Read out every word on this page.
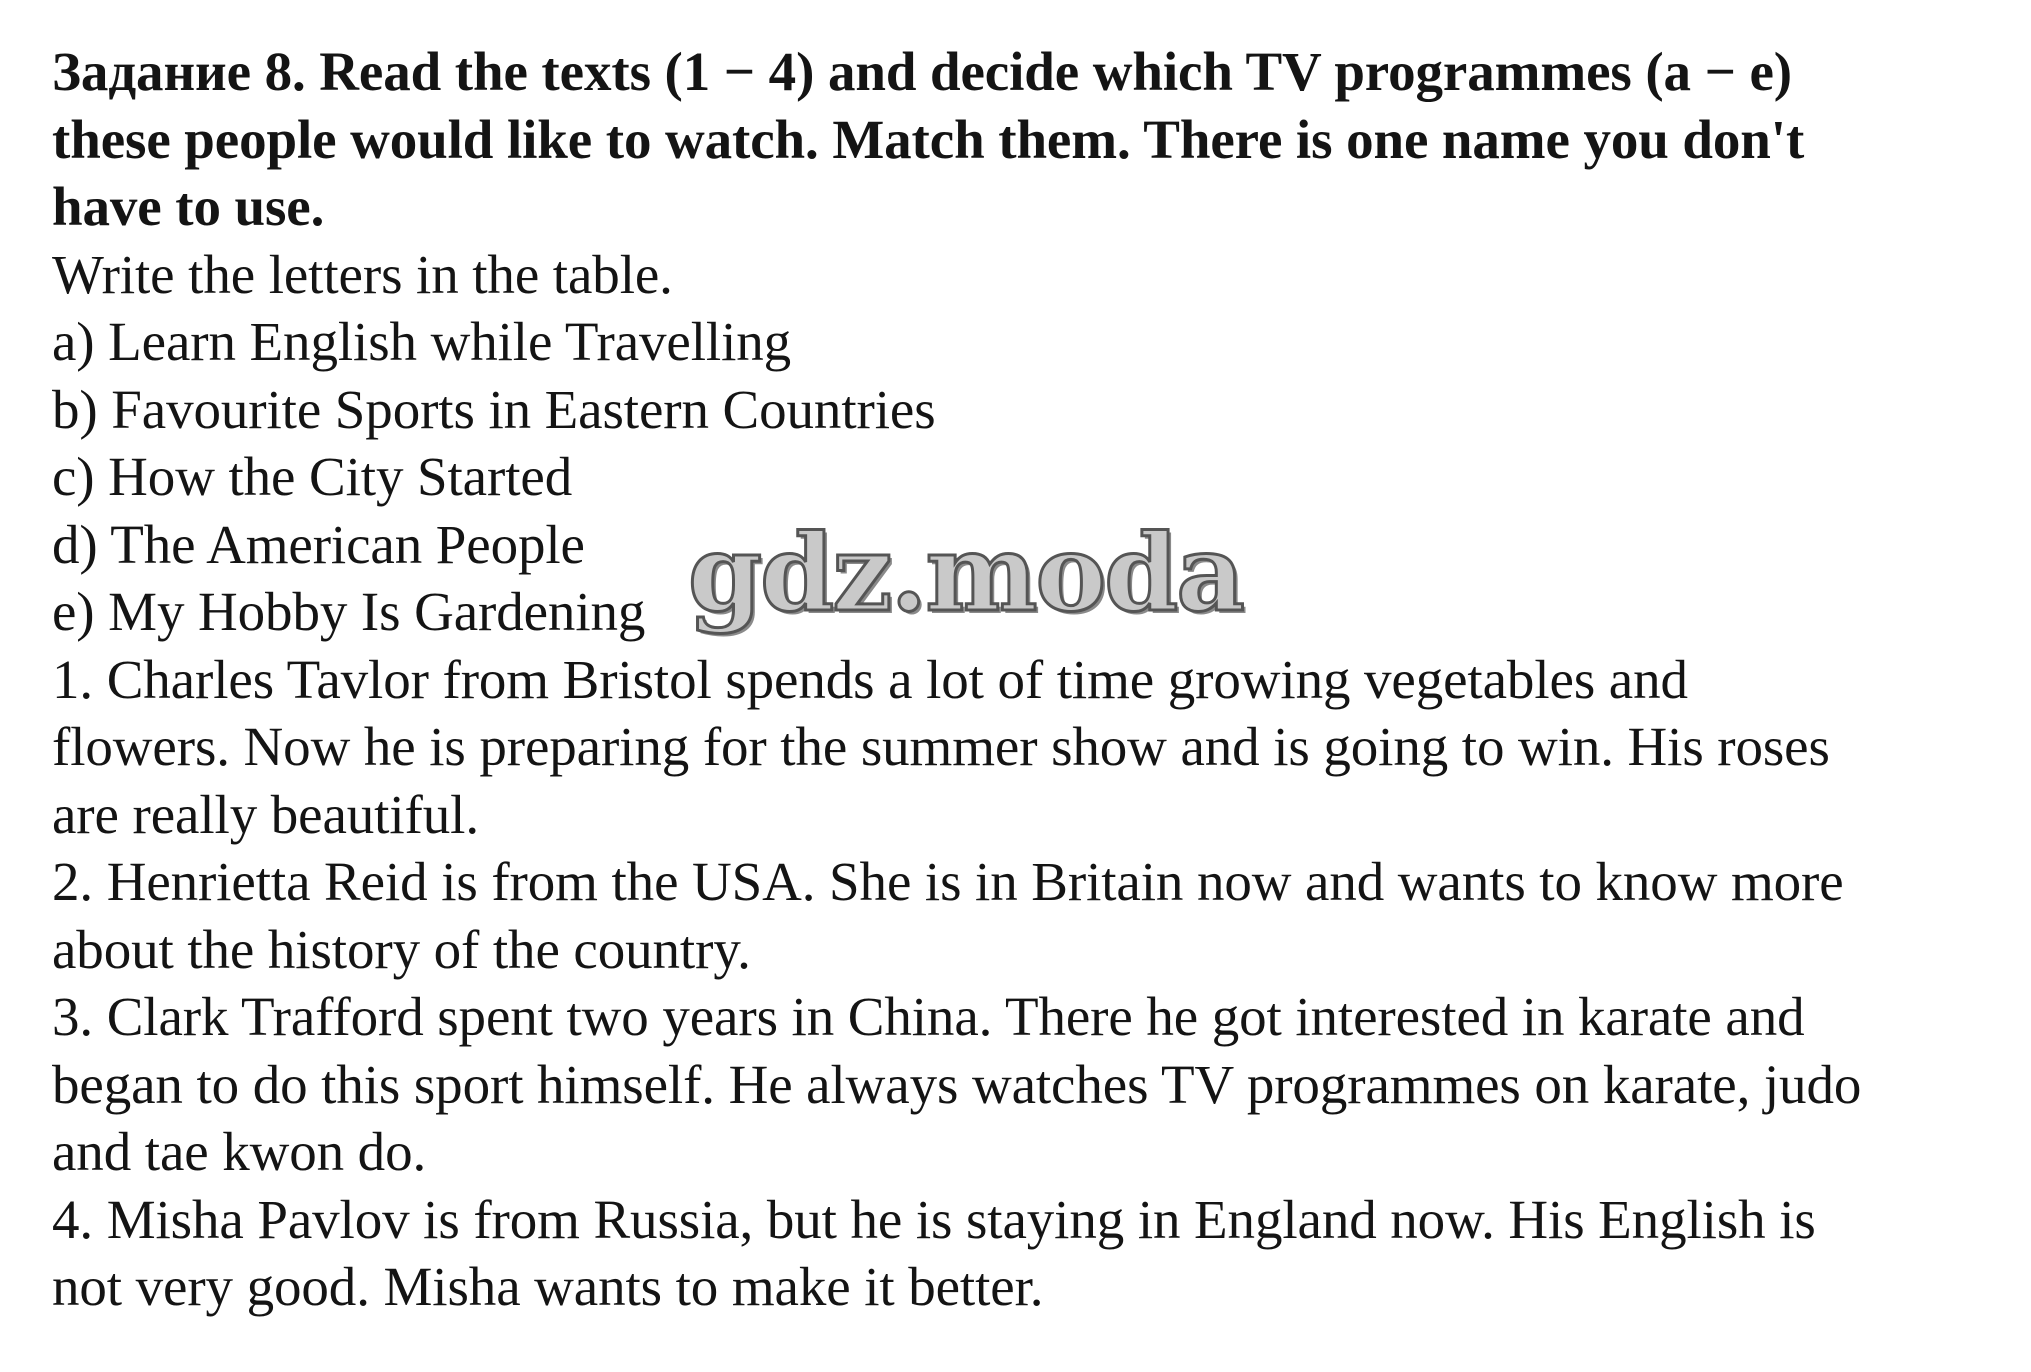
Задание 8. Read the texts (1 − 4) and decide which TV programmes (a − e)
these people would like to watch. Match them. There is one name you don't
have to use.
Write the letters in the table.
a) Learn English while Travelling
b) Favourite Sports in Eastern Countries
c) How the City Started
d) The American People
e) My Hobby Is Gardening
1. Charles Tavlor from Bristol spends a lot of time growing vegetables and
flowers. Now he is preparing for the summer show and is going to win. His roses
are really beautiful.
2. Henrietta Reid is from the USA. She is in Britain now and wants to know more
about the history of the country.
3. Clark Trafford spent two years in China. There he got interested in karate and
began to do this sport himself. He always watches TV programmes on karate, judo
and tae kwon do.
4. Misha Pavlov is from Russia, but he is staying in England now. His English is
not very good. Misha wants to make it better.
gdz.moda
